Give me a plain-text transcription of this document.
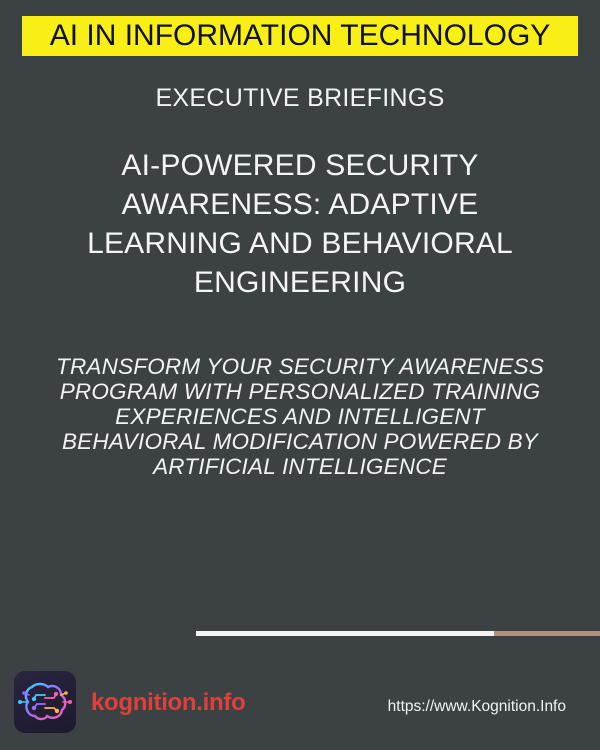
AI IN INFORMATION TECHNOLOGY
EXECUTIVE BRIEFINGS
AI-POWERED SECURITY
AWARENESS: ADAPTIVE
LEARNING AND BEHAVIORAL
ENGINEERING
TRANSFORM YOUR SECURITY AWARENESS
PROGRAM WITH PERSONALIZED TRAINING
EXPERIENCES AND INTELLIGENT
BEHAVIORAL MODIFICATION POWERED BY
ARTIFICIAL INTELLIGENCE
kognition.info	https://www.Kognition.Info
